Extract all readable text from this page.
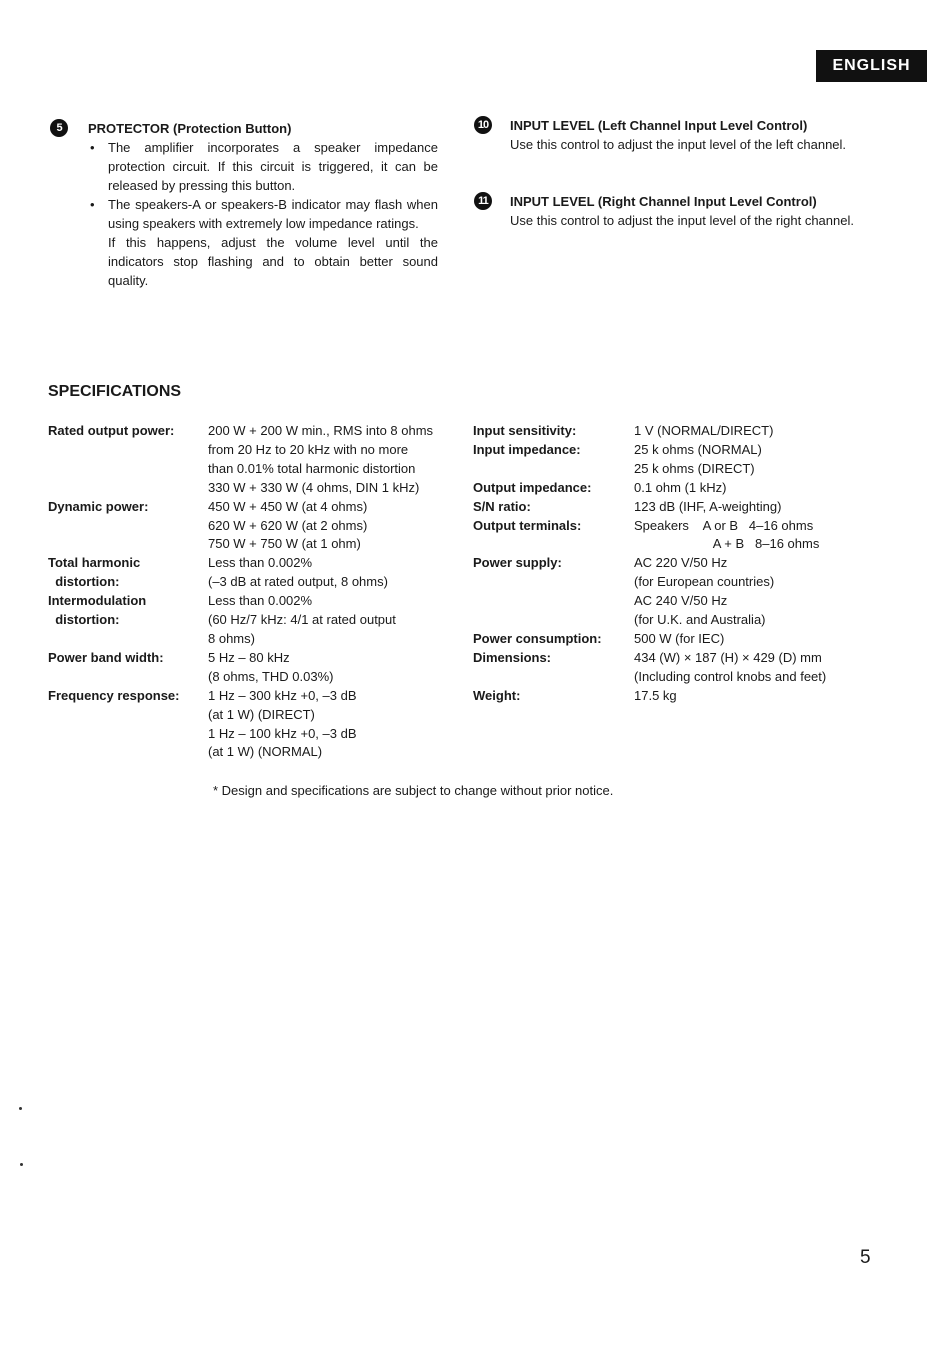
ENGLISH
5	PROTECTOR (Protection Button)
• The amplifier incorporates a speaker impedance protection circuit. If this circuit is triggered, it can be released by pressing this button.
• The speakers-A or speakers-B indicator may flash when using speakers with extremely low impedance ratings.
If this happens, adjust the volume level until the indicators stop flashing and to obtain better sound quality.
10 INPUT LEVEL (Left Channel Input Level Control)
Use this control to adjust the input level of the left channel.
11	INPUT LEVEL (Right Channel Input Level Control)
Use this control to adjust the input level of the right channel.
SPECIFICATIONS
Rated output power:	200 W + 200 W min., RMS into 8 ohms
from 20 Hz to 20 kHz with no more
than 0.01% total harmonic distortion
330 W + 330 W (4 ohms, DIN 1 kHz)
Dynamic power:	450 W + 450 W (at 4 ohms)
620 W + 620 W (at 2 ohms)
750 W + 750 W (at 1 ohm)
Total harmonic	Less than 0.002%
distortion:	(–3 dB at rated output, 8 ohms)
Intermodulation	Less than 0.002%
distortion:	(60 Hz/7 kHz: 4/1 at rated output
8 ohms)
Power band width:	5 Hz – 80 kHz
(8 ohms, THD 0.03%)
Frequency response:	1 Hz – 300 kHz +0, –3 dB
(at 1 W) (DIRECT)
1 Hz – 100 kHz +0, –3 dB
(at 1 W) (NORMAL)
Input sensitivity:	1 V (NORMAL/DIRECT)
Input impedance:	25 k ohms (NORMAL)
25 k ohms (DIRECT)
Output impedance:	0.1 ohm (1 kHz)
S/N ratio:	123 dB (IHF, A-weighting)
Output terminals:	Speakers    A or B   4–16 ohms
A + B   8–16 ohms
Power supply:	AC 220 V/50 Hz
(for European countries)
AC 240 V/50 Hz
(for U.K. and Australia)
Power consumption:	500 W (for IEC)
Dimensions:	434 (W) × 187 (H) × 429 (D) mm
(Including control knobs and feet)
Weight:	17.5 kg
* Design and specifications are subject to change without prior notice.
5
